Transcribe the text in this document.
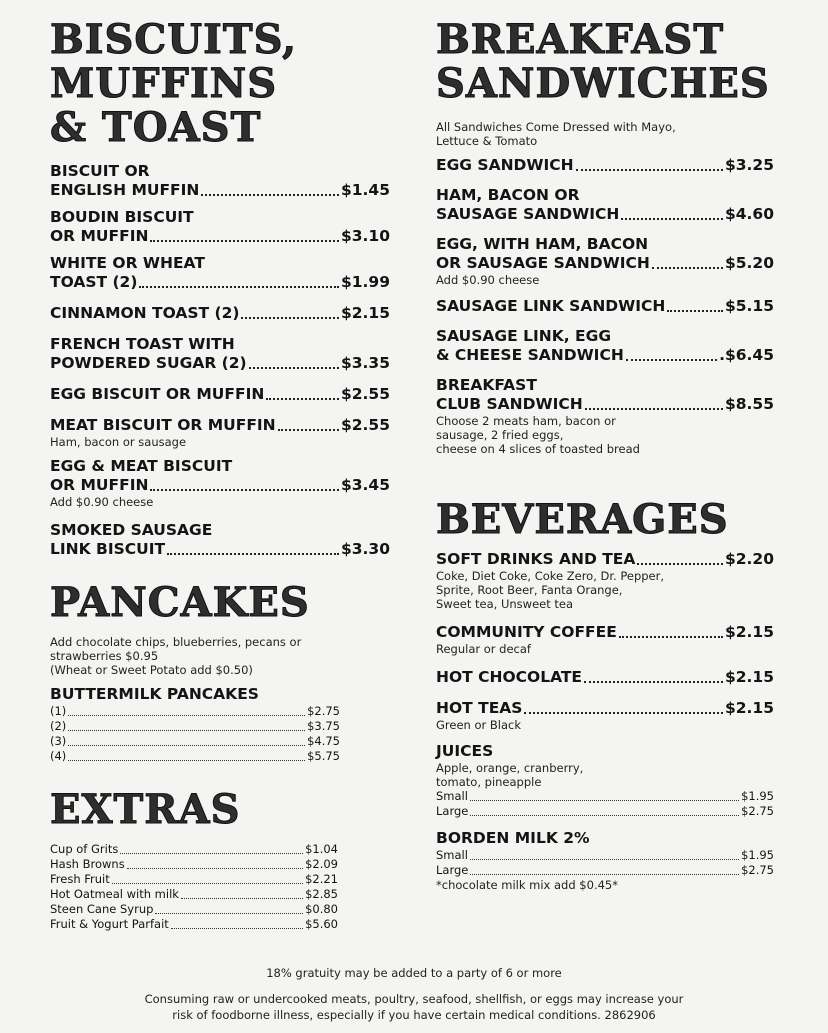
BISCUITS,
MUFFINS
& TOAST
BISCUIT OR
ENGLISH MUFFIN	$1.45
BOUDIN BISCUIT
OR MUFFIN	$3.10
WHITE OR WHEAT
TOAST (2)	$1.99
CINNAMON TOAST (2)	$2.15
FRENCH TOAST WITH
POWDERED SUGAR (2)	$3.35
EGG BISCUIT OR MUFFIN	$2.55
MEAT BISCUIT OR MUFFIN	$2.55
Ham, bacon or sausage
EGG & MEAT BISCUIT
OR MUFFIN	$3.45
Add $0.90 cheese
SMOKED SAUSAGE
LINK BISCUIT	$3.30
PANCAKES
Add chocolate chips, blueberries, pecans or
strawberries $0.95
(Wheat or Sweet Potato add $0.50)
BUTTERMILK PANCAKES
(1)	$2.75
(2)	$3.75
(3)	$4.75
(4)	$5.75
EXTRAS
Cup of Grits	$1.04
Hash Browns	$2.09
Fresh Fruit	$2.21
Hot Oatmeal with milk	$2.85
Steen Cane Syrup	$0.80
Fruit & Yogurt Parfait	$5.60
BREAKFAST
SANDWICHES
All Sandwiches Come Dressed with Mayo,
Lettuce & Tomato
EGG SANDWICH	$3.25
HAM, BACON OR
SAUSAGE SANDWICH	$4.60
EGG, WITH HAM, BACON
OR SAUSAGE SANDWICH	$5.20
Add $0.90 cheese
SAUSAGE LINK SANDWICH	$5.15
SAUSAGE LINK, EGG
& CHEESE SANDWICH	.$6.45
BREAKFAST
CLUB SANDWICH	$8.55
Choose 2 meats ham, bacon or
sausage, 2 fried eggs,
cheese on 4 slices of toasted bread
BEVERAGES
SOFT DRINKS AND TEA	$2.20
Coke, Diet Coke, Coke Zero, Dr. Pepper,
Sprite, Root Beer, Fanta Orange,
Sweet tea, Unsweet tea
COMMUNITY COFFEE	$2.15
Regular or decaf
HOT CHOCOLATE	$2.15
HOT TEAS	$2.15
Green or Black
JUICES
Apple, orange, cranberry,
tomato, pineapple
Small	$1.95
Large	$2.75
BORDEN MILK 2%
Small	$1.95
Large	$2.75
*chocolate milk mix add $0.45*
18% gratuity may be added to a party of 6 or more
Consuming raw or undercooked meats, poultry, seafood, shellfish, or eggs may increase your
risk of foodborne illness, especially if you have certain medical conditions. 2862906
